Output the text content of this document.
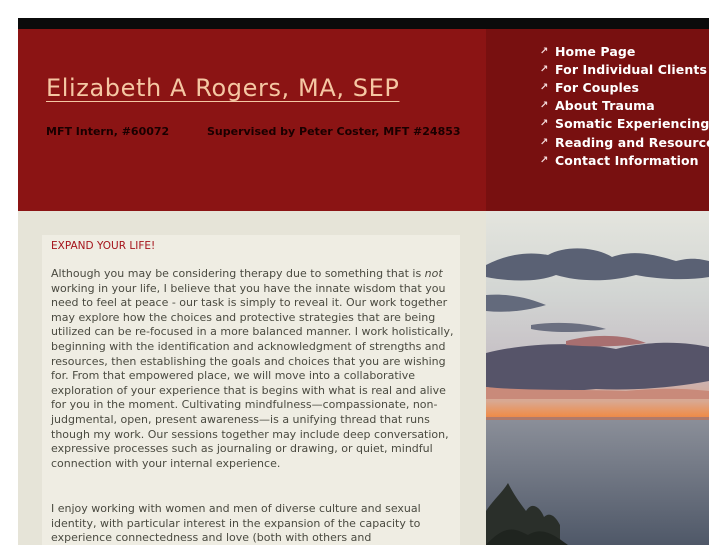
Elizabeth A Rogers, MA, SEP
MFT Intern, #60072	Supervised by Peter Coster, MFT #24853
↗ Home Page
↗ For Individual Clients
↗ For Couples
↗ About Trauma
↗ Somatic Experiencing
↗ Reading and Resources
↗ Contact Information
EXPAND YOUR LIFE!

Although you may be considering therapy due to something that is not working in your life, I believe that you have the innate wisdom that you need to feel at peace - our task is simply to reveal it. Our work together may explore how the choices and protective strategies that are being utilized can be re-focused in a more balanced manner. I work holistically, beginning with the identification and acknowledgment of strengths and resources, then establishing the goals and choices that you are wishing for. From that empowered place, we will move into a collaborative exploration of your experience that is begins with what is real and alive for you in the moment. Cultivating mindfulness—compassionate, non-judgmental, open, present awareness—is a unifying thread that runs though my work. Our sessions together may include deep conversation, expressive processes such as journaling or drawing, or quiet, mindful connection with your internal experience.

I enjoy working with women and men of diverse culture and sexual identity, with particular interest in the expansion of the capacity to experience connectedness and love (both with others and
